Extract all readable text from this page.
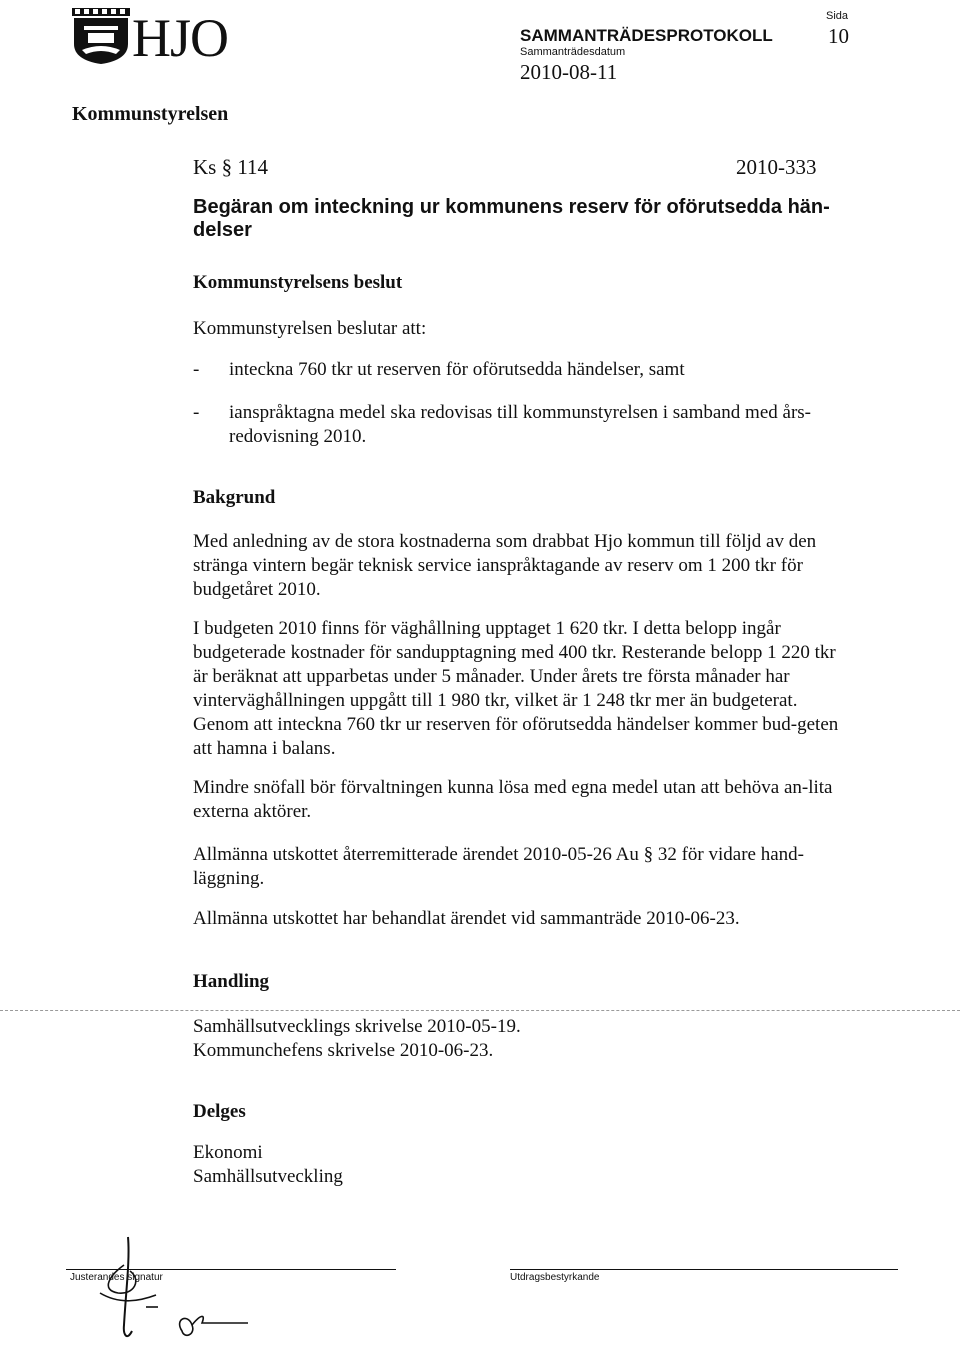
HJO	SAMMANTRÄDESPROTOKOLL
Sammanträdesdatum
2010-08-11
Sida
10
Kommunstyrelsen
Ks § 114	2010-333
Begäran om inteckning ur kommunens reserv för oförutsedda hän-delser
Kommunstyrelsens beslut
Kommunstyrelsen beslutar att:
- inteckna 760 tkr ut reserven för oförutsedda händelser, samt
- ianspråktagna medel ska redovisas till kommunstyrelsen i samband med års-redovisning 2010.
Bakgrund
Med anledning av de stora kostnaderna som drabbat Hjo kommun till följd av den stränga vintern begär teknisk service ianspråktagande av reserv om 1 200 tkr för budgetåret 2010.
I budgeten 2010 finns för väghållning upptaget 1 620 tkr. I detta belopp ingår budgeterade kostnader för sandupptagning med 400 tkr. Resterande belopp 1 220 tkr är beräknat att upparbetas under 5 månader. Under årets tre första månader har vinterväghållningen uppgått till 1 980 tkr, vilket är 1 248 tkr mer än budgeterat. Genom att inteckna 760 tkr ur reserven för oförutsedda händelser kommer bud-geten att hamna i balans.
Mindre snöfall bör förvaltningen kunna lösa med egna medel utan att behöva an-lita externa aktörer.
Allmänna utskottet återremitterade ärendet 2010-05-26 Au § 32 för vidare hand-läggning.
Allmänna utskottet har behandlat ärendet vid sammanträde 2010-06-23.
Handling
Samhällsutvecklings skrivelse 2010-05-19.
Kommunchefens skrivelse 2010-06-23.
Delges
Ekonomi
Samhällsutveckling
Justerandes signatur	Utdragsbestyrkande
